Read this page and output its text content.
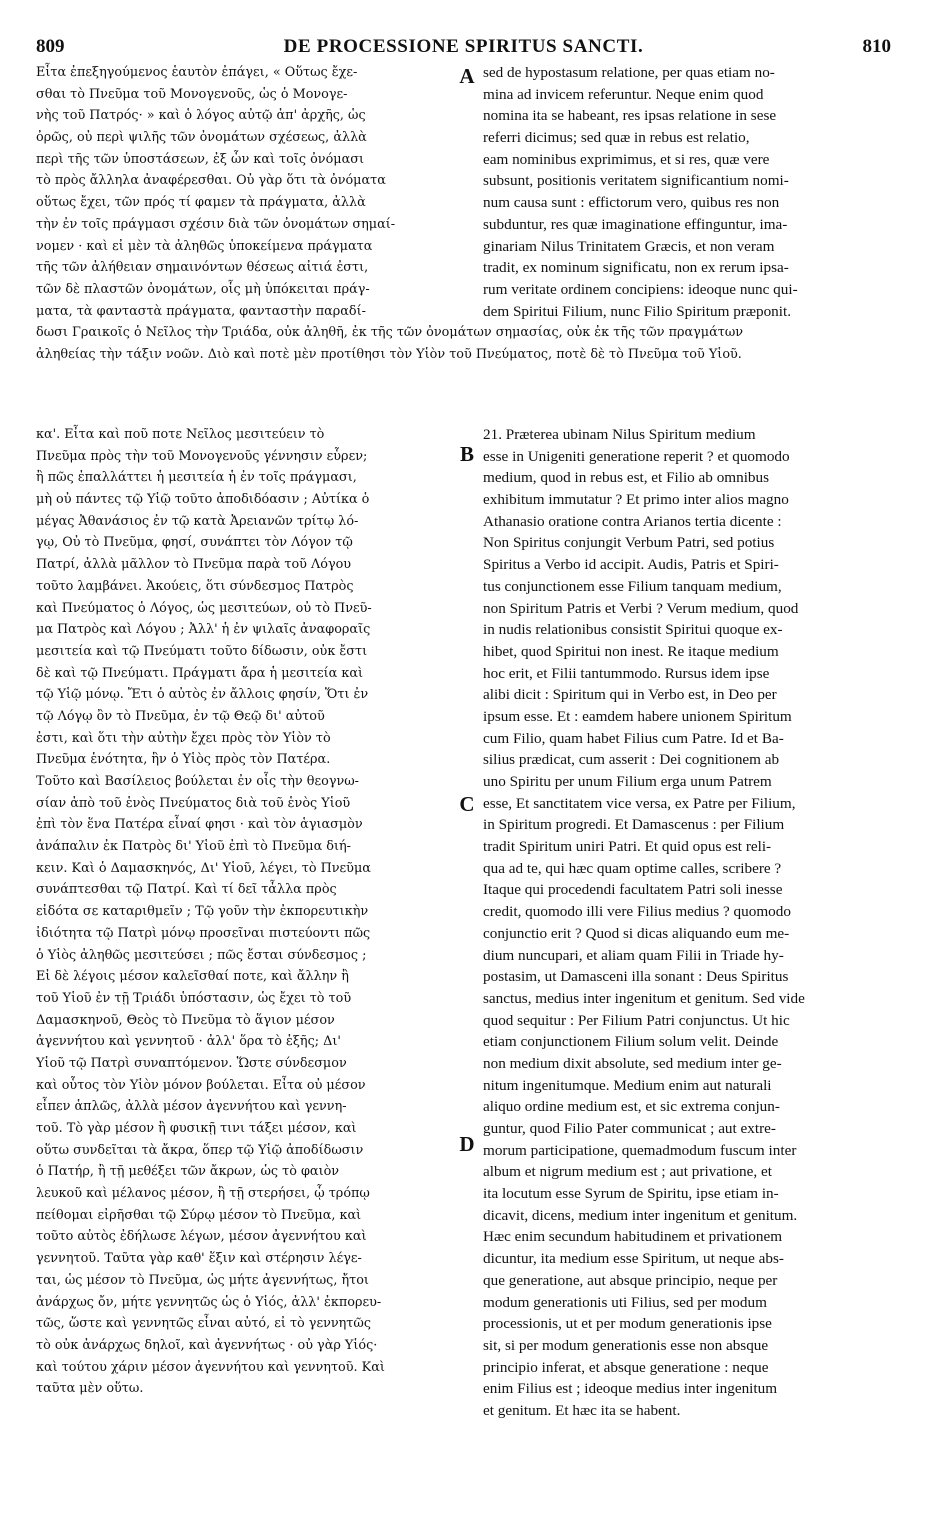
809	DE PROCESSIONE SPIRITUS SANCTI.	810
Εἶτα ἐπεξηγούμενος ἑαυτὸν ἐπάγει, « Οὕτως ἔχε-
σθαι τὸ Πνεῦμα τοῦ Μονογενοῦς, ὡς ὁ Μονογε-
νὴς τοῦ Πατρός· » καὶ ὁ λόγος αὐτῷ ἀπ' ἀρχῆς, ὡς
ὀρῶς, οὐ περὶ ψιλῆς τῶν ὀνομάτων σχέσεως, ἀλλὰ
περὶ τῆς τῶν ὑποστάσεων, ἐξ ὧν καὶ τοῖς ὀνόμασι
τὸ πρὸς ἄλληλα ἀναφέρεσθαι. Οὐ γὰρ ὅτι τὰ ὀνόματα
οὕτως ἔχει, τῶν πρός τί φαμεν τὰ πράγματα, ἀλλὰ
τὴν ἐν τοῖς πράγμασι σχέσιν διὰ τῶν ὀνομάτων σημαί-
νομεν · καὶ εἰ μὲν τὰ ἀληθῶς ὑποκείμενα πράγματα
τῆς τῶν ἀλήθειαν σημαινόντων θέσεως αἰτιά ἐστι,
τῶν δὲ πλαστῶν ὀνομάτων, οἷς μὴ ὑπόκειται πράγ-
ματα, τὰ φανταστὰ πράγματα, φανταστὴν παραδί-
sed de hypostasum relatione, per quas etiam no-
mina ad invicem referuntur. Neque enim quod
nomina ita se habeant, res ipsas relatione in sese
referri dicimus; sed quæ in rebus est relatio,
eam nominibus exprimimus, et si res, quæ vere
subsunt, positionis veritatem significantium nomi-
num causa sunt : effictorum vero, quibus res non
subduntur, res quæ imaginatione effinguntur, ima-
ginariam Nilus Trinitatem Græcis, et non veram
tradit, ex nominum significatu, non ex rerum ipsa-
rum veritate ordinem concipiens: ideoque nunc qui-
dem Spiritui Filium, nunc Filio Spiritum præponit.
δωσι Γραικοῖς ὁ Νεῖλος τὴν Τριάδα, οὐκ ἀληθῆ, ἐκ τῆς τῶν ὀνομάτων σημασίας, οὐκ ἐκ τῆς τῶν πραγμάτων
ἀληθείας τὴν τάξιν νοῶν. Διὸ καὶ ποτὲ μὲν προτίθησι τὸν Υἱὸν τοῦ Πνεύματος, ποτὲ δὲ τὸ Πνεῦμα τοῦ Υἱοῦ.
κα'. Εἶτα καὶ ποῦ ποτε Νεῖλος μεσιτεύειν τὸ
Πνεῦμα πρὸς τὴν τοῦ Μονογενοῦς γέννησιν εὗρεν;
ἢ πῶς ἐπαλλάττει ἡ μεσιτεία ἡ ἐν τοῖς πράγμασι,
μὴ οὐ πάντες τῷ Υἱῷ τοῦτο ἀποδιδόασιν ; Αὐτίκα ὁ
μέγας Ἀθανάσιος ἐν τῷ κατὰ Ἀρειανῶν τρίτῳ λό-
γῳ, Οὐ τὸ Πνεῦμα, φησί, συνάπτει τὸν Λόγον τῷ
Πατρί, ἀλλὰ μᾶλλον τὸ Πνεῦμα παρὰ τοῦ Λόγου
τοῦτο λαμβάνει. Ἀκούεις, ὅτι σύνδεσμος Πατρὸς
καὶ Πνεύματος ὁ Λόγος, ὡς μεσιτεύων, οὐ τὸ Πνεῦ-
μα Πατρὸς καὶ Λόγου ; Ἀλλ' ἡ ἐν ψιλαῖς ἀναφοραῖς
μεσιτεία καὶ τῷ Πνεύματι τοῦτο δίδωσιν, οὐκ ἔστι
δὲ καὶ τῷ Πνεύματι. Πράγματι ἄρα ἡ μεσιτεία καὶ
τῷ Υἱῷ μόνῳ. Ἔτι ὁ αὐτὸς ἐν ἄλλοις φησίν, Ὅτι ἐν
τῷ Λόγῳ ὂν τὸ Πνεῦμα, ἐν τῷ Θεῷ δι' αὐτοῦ
ἐστι, καὶ ὅτι τὴν αὐτὴν ἔχει πρὸς τὸν Υἱὸν τὸ
Πνεῦμα ἑνότητα, ἣν ὁ Υἱὸς πρὸς τὸν Πατέρα.
Τοῦτο καὶ Βασίλειος βούλεται ἐν οἷς τὴν θεογνω-
σίαν ἀπὸ τοῦ ἑνὸς Πνεύματος διὰ τοῦ ἑνὸς Υἱοῦ
ἐπὶ τὸν ἕνα Πατέρα εἶναί φησι · καὶ τὸν ἁγιασμὸν
ἀνάπαλιν ἐκ Πατρὸς δι' Υἱοῦ ἐπὶ τὸ Πνεῦμα διή-
κειν. Καὶ ὁ Δαμασκηνός, Δι' Υἱοῦ, λέγει, τὸ Πνεῦμα
συνάπτεσθαι τῷ Πατρί. Καὶ τί δεῖ τἆλλα πρὸς
εἰδότα σε καταριθμεῖν ; Τῷ γοῦν τὴν ἐκπορευτικὴν
ἰδιότητα τῷ Πατρὶ μόνῳ προσεῖναι πιστεύοντι πῶς
ὁ Υἱὸς ἀληθῶς μεσιτεύσει ; πῶς ἔσται σύνδεσμος ;
Εἰ δὲ λέγοις μέσον καλεῖσθαί ποτε, καὶ ἄλλην ἢ
τοῦ Υἱοῦ ἐν τῇ Τριάδι ὑπόστασιν, ὡς ἔχει τὸ τοῦ
Δαμασκηνοῦ, Θεὸς τὸ Πνεῦμα τὸ ἅγιον μέσον
ἀγεννήτου καὶ γεννητοῦ · ἀλλ' ὅρα τὸ ἑξῆς; Δι'
Υἱοῦ τῷ Πατρὶ συναπτόμενον. Ὥστε σύνδεσμον
καὶ οὗτος τὸν Υἱὸν μόνον βούλεται. Εἶτα οὐ μέσον
εἶπεν ἁπλῶς, ἀλλὰ μέσον ἀγεννήτου καὶ γεννη-
τοῦ. Τὸ γὰρ μέσον ἢ φυσικῇ τινι τάξει μέσον, καὶ
οὕτω συνδεῖται τὰ ἄκρα, ὅπερ τῷ Υἱῷ ἀποδίδωσιν
ὁ Πατήρ, ἢ τῇ μεθέξει τῶν ἄκρων, ὡς τὸ φαιὸν
λευκοῦ καὶ μέλανος μέσον, ἢ τῇ στερήσει, ᾧ τρόπῳ
πείθομαι εἰρῆσθαι τῷ Σύρῳ μέσον τὸ Πνεῦμα, καὶ
τοῦτο αὐτὸς ἐδήλωσε λέγων, μέσον ἀγεννήτου καὶ
γεννητοῦ. Ταῦτα γὰρ καθ' ἕξιν καὶ στέρησιν λέγε-
ται, ὡς μέσον τὸ Πνεῦμα, ὡς μήτε ἀγεννήτως, ἤτοι
ἀνάρχως ὄν, μήτε γεννητῶς ὡς ὁ Υἱός, ἀλλ' ἐκπορευ-
τῶς, ὥστε καὶ γεννητῶς εἶναι αὐτό, εἰ τὸ γεννητῶς
τὸ οὐκ ἀνάρχως δηλοῖ, καὶ ἀγεννήτως · οὐ γὰρ Υἱός·
καὶ τούτου χάριν μέσον ἀγεννήτου καὶ γεννητοῦ. Καὶ
ταῦτα μὲν οὕτω.
21. Præterea ubinam Nilus Spiritum medium
esse in Unigeniti generatione reperit ? et quomodo
medium, quod in rebus est, et Filio ab omnibus
exhibitum immutatur ? Et primo inter alios magno
Athanasio oratione contra Arianos tertia dicente :
Non Spiritus conjungit Verbum Patri, sed potius
Spiritus a Verbo id accipit. Audis, Patris et Spiri-
tus conjunctionem esse Filium tanquam medium,
non Spiritum Patris et Verbi ? Verum medium, quod
in nudis relationibus consistit Spiritui quoque ex-
hibet, quod Spiritui non inest. Re itaque medium
hoc erit, et Filii tantummodo. Rursus idem ipse
alibi dicit : Spiritum qui in Verbo est, in Deo per
ipsum esse. Et : eamdem habere unionem Spiritum
cum Filio, quam habet Filius cum Patre. Id et Ba-
silius prædicat, cum asserit : Dei cognitionem ab
uno Spiritu per unum Filium erga unum Patrem
esse, Et sanctitatem vice versa, ex Patre per Filium,
in Spiritum progredi. Et Damascenus : per Filium
tradit Spiritum uniri Patri. Et quid opus est reli-
qua ad te, qui hæc quam optime calles, scribere ?
Itaque qui procedendi facultatem Patri soli inesse
credit, quomodo illi vere Filius medius ? quomodo
conjunctio erit ? Quod si dicas aliquando eum me-
dium nuncupari, et aliam quam Filii in Triade hy-
postasim, ut Damasceni illa sonant : Deus Spiritus
sanctus, medius inter ingenitum et genitum. Sed vide
quod sequitur : Per Filium Patri conjunctus. Ut hic
etiam conjunctionem Filium solum velit. Deinde
non medium dixit absolute, sed medium inter ge-
nitum ingenitumque. Medium enim aut naturali
aliquo ordine medium est, et sic extrema conjun-
guntur, quod Filio Pater communicat ; aut extre-
morum participatione, quemadmodum fuscum inter
album et nigrum medium est ; aut privatione, et
ita locutum esse Syrum de Spiritu, ipse etiam in-
dicavit, dicens, medium inter ingenitum et genitum.
Hæc enim secundum habitudinem et privationem
dicuntur, ita medium esse Spiritum, ut neque abs-
que generatione, aut absque principio, neque per
modum generationis uti Filius, sed per modum
processionis, ut et per modum generationis ipse
sit, si per modum generationis esse non absque
principio inferat, et absque generatione : neque
enim Filius est ; ideoque medius inter ingenitum
et genitum. Et hæc ita se habent.
A
B
C
D
